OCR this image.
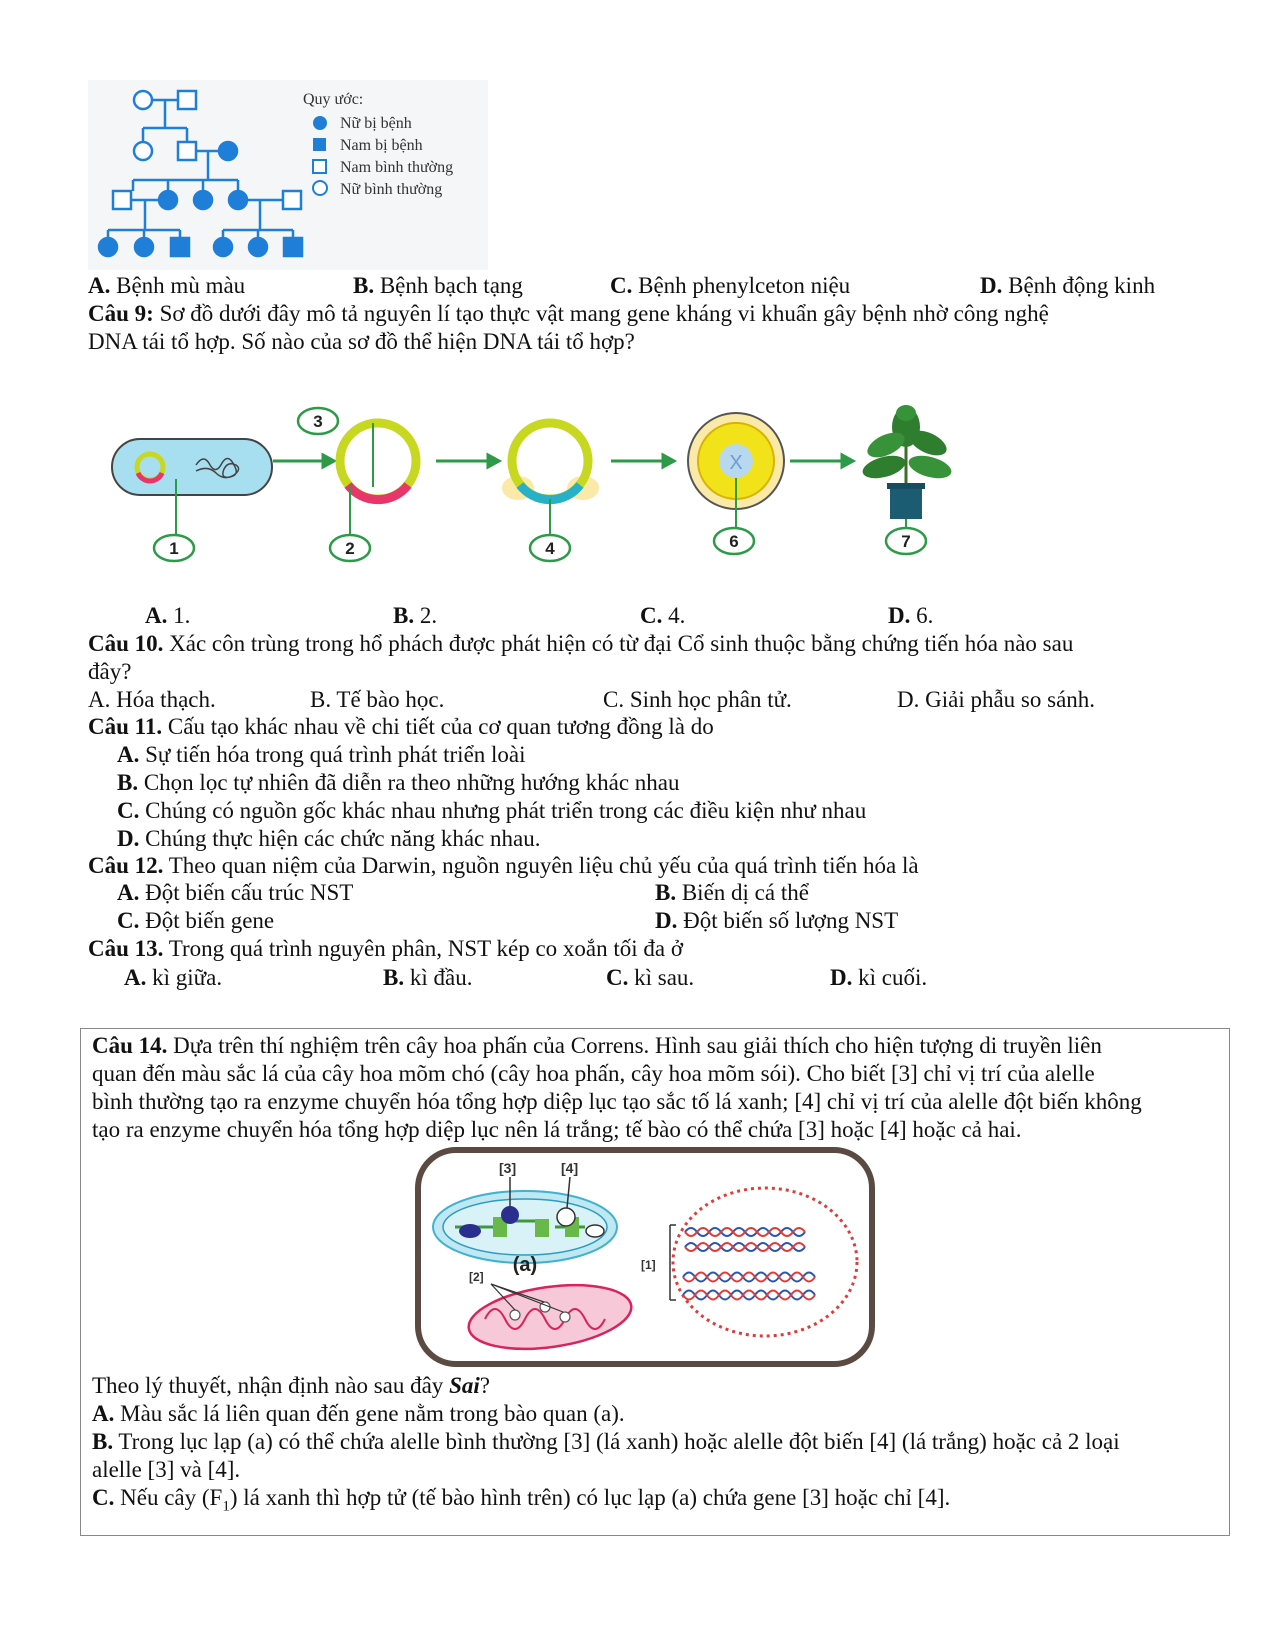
Quy ước:
Nữ bị bệnh
Nam bị bệnh
Nam bình thường
Nữ bình thường
A. Bệnh mù màu	B. Bệnh bạch tạng	C. Bệnh phenylceton niệu	D. Bệnh động kinh
Câu 9: Sơ đồ dưới đây mô tả nguyên lí tạo thực vật mang gene kháng vi khuẩn gây bệnh nhờ công nghệ
DNA tái tổ hợp. Số nào của sơ đồ thể hiện DNA tái tổ hợp?
X
3
1	2	4	6	7
A. 1.	B. 2.	C. 4.	D. 6.
Câu 10. Xác côn trùng trong hổ phách được phát hiện có từ đại Cổ sinh thuộc bằng chứng tiến hóa nào sau
đây?
A. Hóa thạch.	B. Tế bào học.	C. Sinh học phân tử.	D. Giải phẫu so sánh.
Câu 11. Cấu tạo khác nhau về chi tiết của cơ quan tương đồng là do
A. Sự tiến hóa trong quá trình phát triển loài
B. Chọn lọc tự nhiên đã diễn ra theo những hướng khác nhau
C. Chúng có nguồn gốc khác nhau nhưng phát triển trong các điều kiện như nhau
D. Chúng thực hiện các chức năng khác nhau.
Câu 12. Theo quan niệm của Darwin, nguồn nguyên liệu chủ yếu của quá trình tiến hóa là
A. Đột biến cấu trúc NST	B. Biến dị cá thể
C. Đột biến gene	D. Đột biến số lượng NST
Câu 13. Trong quá trình nguyên phân, NST kép co xoắn tối đa ở
A. kì giữa.	B. kì đầu.	C. kì sau.	D. kì cuối.
Câu 14. Dựa trên thí nghiệm trên cây hoa phấn của Correns. Hình sau giải thích cho hiện tượng di truyền liên
quan đến màu sắc lá của cây hoa mõm chó (cây hoa phấn, cây hoa mõm sói). Cho biết [3] chỉ vị trí của alelle
bình thường tạo ra enzyme chuyển hóa tổng hợp diệp lục tạo sắc tố lá xanh; [4] chỉ vị trí của alelle đột biến không
tạo ra enzyme chuyển hóa tổng hợp diệp lục nên lá trắng; tế bào có thể chứa [3] hoặc [4] hoặc cả hai.
[3]	[4]
(a)
[2]
[1]
Theo lý thuyết, nhận định nào sau đây Sai?
A. Màu sắc lá liên quan đến gene nằm trong bào quan (a).
B. Trong lục lạp (a) có thể chứa alelle bình thường [3] (lá xanh) hoặc alelle đột biến [4] (lá trắng) hoặc cả 2 loại
alelle [3] và [4].
C. Nếu cây $(F_1)$ lá xanh thì hợp tử (tế bào hình trên) có lục lạp (a) chứa gene [3] hoặc chỉ [4].
